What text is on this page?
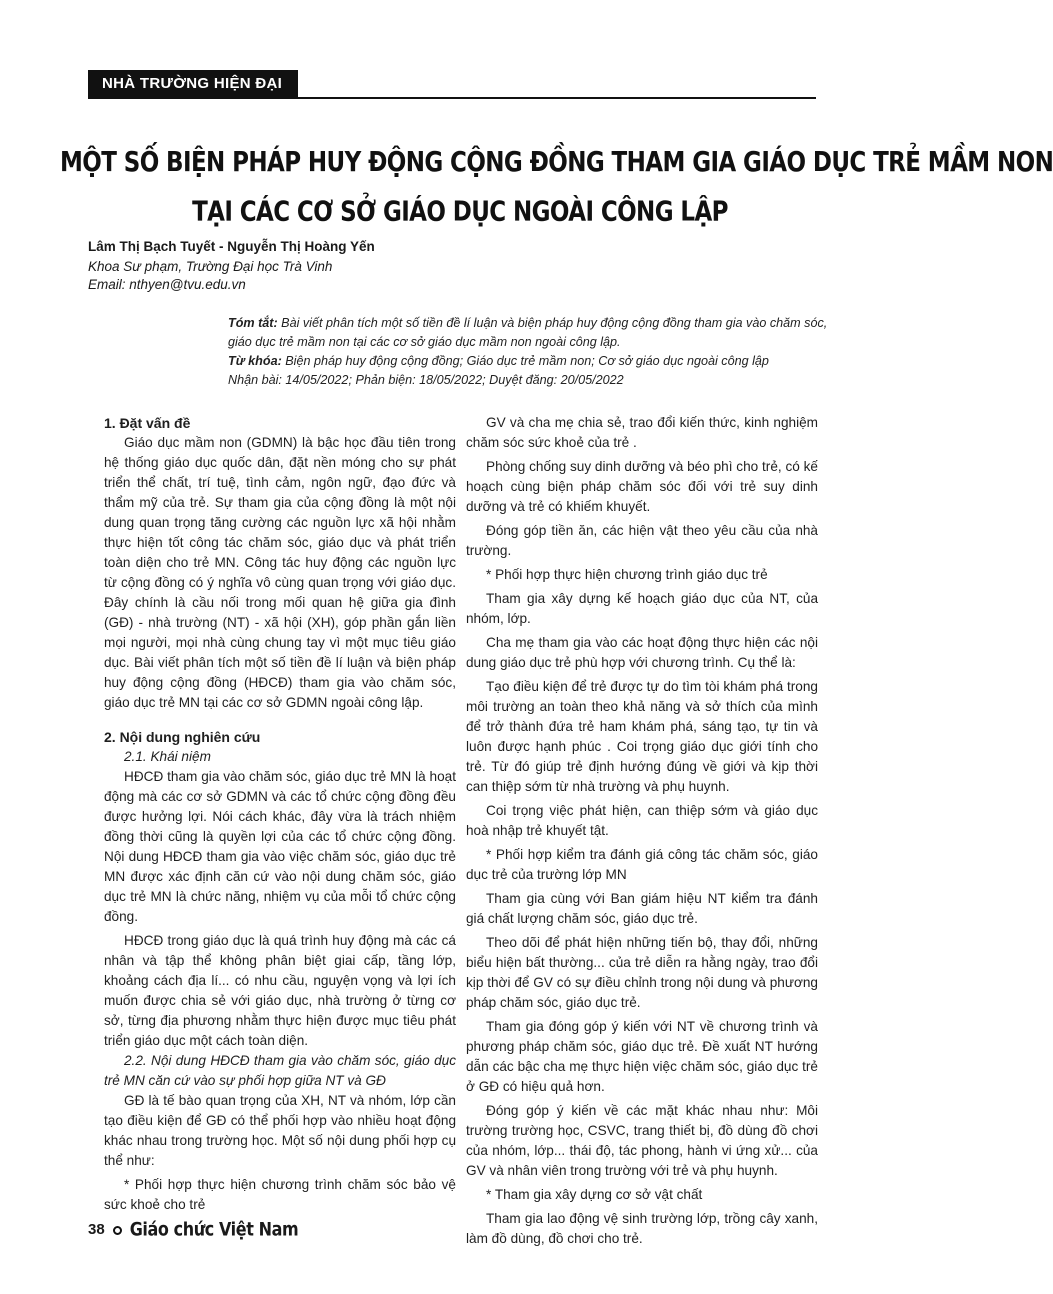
NHÀ TRƯỜNG HIỆN ĐẠI
MỘT SỐ BIỆN PHÁP HUY ĐỘNG CỘNG ĐỒNG THAM GIA GIÁO DỤC TRẺ MẦM NON
TẠI CÁC CƠ SỞ GIÁO DỤC NGOÀI CÔNG LẬP
Lâm Thị Bạch Tuyết - Nguyễn Thị Hoàng Yến
Khoa Sư phạm, Trường Đại học Trà Vinh
Email: nthyen@tvu.edu.vn

Tóm tắt: Bài viết phân tích một số tiền đề lí luận và biện pháp huy động cộng đồng tham gia vào chăm sóc, giáo dục trẻ mầm non tại các cơ sở giáo dục mầm non ngoài công lập.

Từ khóa: Biện pháp huy động cộng đồng; Giáo dục trẻ mầm non; Cơ sở giáo dục ngoài công lập

Nhận bài: 14/05/2022; Phản biện: 18/05/2022; Duyệt đăng: 20/05/2022

1. Đặt vấn đề

Giáo dục mầm non (GDMN) là bậc học đầu tiên trong hệ thống giáo dục quốc dân, đặt nền móng cho sự phát triển thể chất, trí tuệ, tình cảm, ngôn ngữ, đạo đức và thẩm mỹ của trẻ. Sự tham gia của cộng đồng là một nội dung quan trọng tăng cường các nguồn lực xã hội nhằm thực hiện tốt công tác chăm sóc, giáo dục và phát triển toàn diện cho trẻ MN. Công tác huy động các nguồn lực từ cộng đồng có ý nghĩa vô cùng quan trọng với giáo dục. Đây chính là cầu nối trong mối quan hệ giữa gia đình (GĐ) - nhà trường (NT) - xã hội (XH), góp phần gắn liền mọi người, mọi nhà cùng chung tay vì một mục tiêu giáo dục. Bài viết phân tích một số tiền đề lí luận và biện pháp huy động cộng đồng (HĐCĐ) tham gia vào chăm sóc, giáo dục trẻ MN tại các cơ sở GDMN ngoài công lập.

2. Nội dung nghiên cứu
2.1. Khái niệm

HĐCĐ tham gia vào chăm sóc, giáo dục trẻ MN là hoạt động mà các cơ sở GDMN và các tổ chức cộng đồng đều được hưởng lợi. Nói cách khác, đây vừa là trách nhiệm đồng thời cũng là quyền lợi của các tổ chức cộng đồng. Nội dung HĐCĐ tham gia vào việc chăm sóc, giáo dục trẻ MN được xác định căn cứ vào nội dung chăm sóc, giáo dục trẻ MN là chức năng, nhiệm vụ của mỗi tổ chức cộng đồng.

HĐCĐ trong giáo dục là quá trình huy động mà các cá nhân và tập thể không phân biệt giai cấp, tầng lớp, khoảng cách địa lí... có nhu cầu, nguyện vọng và lợi ích muốn được chia sẻ với giáo dục, nhà trường ở từng cơ sở, từng địa phương nhằm thực hiện được mục tiêu phát triển giáo dục một cách toàn diện.

2.2. Nội dung HĐCĐ tham gia vào chăm sóc, giáo dục trẻ MN căn cứ vào sự phối hợp giữa NT và GĐ

GĐ là tế bào quan trọng của XH, NT và nhóm, lớp cần tạo điều kiện để GĐ có thể phối hợp vào nhiều hoạt động khác nhau trong trường học. Một số nội dung phối hợp cụ thể như:

* Phối hợp thực hiện chương trình chăm sóc bảo vệ sức khoẻ cho trẻ

GV và cha mẹ chia sẻ, trao đổi kiến thức, kinh nghiệm chăm sóc sức khoẻ của trẻ .

Phòng chống suy dinh dưỡng và béo phì cho trẻ, có kế hoạch cùng biện pháp chăm sóc đối với trẻ suy dinh dưỡng và trẻ có khiếm khuyết.

Đóng góp tiền ăn, các hiện vật theo yêu cầu của nhà trường.

* Phối hợp thực hiện chương trình giáo dục trẻ

Tham gia xây dựng kế hoạch giáo dục của NT, của nhóm, lớp.

Cha mẹ tham gia vào các hoạt động thực hiện các nội dung giáo dục trẻ phù hợp với chương trình. Cụ thể là:

Tạo điều kiện để trẻ được tự do tìm tòi khám phá trong môi trường an toàn theo khả năng và sở thích của mình để trở thành đứa trẻ ham khám phá, sáng tạo, tự tin và luôn được hạnh phúc . Coi trọng giáo dục giới tính cho trẻ. Từ đó giúp trẻ định hướng đúng về giới và kịp thời can thiệp sớm từ nhà trường và phụ huynh.

Coi trọng việc phát hiện, can thiệp sớm và giáo dục hoà nhập trẻ khuyết tật.

* Phối hợp kiểm tra đánh giá công tác chăm sóc, giáo dục trẻ của trường lớp MN

Tham gia cùng với Ban giám hiệu NT kiểm tra đánh giá chất lượng chăm sóc, giáo dục trẻ.

Theo dõi để phát hiện những tiến bộ, thay đổi, những biểu hiện bất thường... của trẻ diễn ra hằng ngày, trao đổi kịp thời để GV có sự điều chỉnh trong nội dung và phương pháp chăm sóc, giáo dục trẻ.

Tham gia đóng góp ý kiến với NT về chương trình và phương pháp chăm sóc, giáo dục trẻ. Đề xuất NT hướng dẫn các bậc cha mẹ thực hiện việc chăm sóc, giáo dục trẻ ở GĐ có hiệu quả hơn.

Đóng góp ý kiến về các mặt khác nhau như: Môi trường trường học, CSVC, trang thiết bị, đồ dùng đồ chơi của nhóm, lớp... thái độ, tác phong, hành vi ứng xử... của GV và nhân viên trong trường với trẻ và phụ huynh.

* Tham gia xây dựng cơ sở vật chất

Tham gia lao động vệ sinh trường lớp, trồng cây xanh, làm đồ dùng, đồ chơi cho trẻ.

38 Giáo chức Việt Nam
